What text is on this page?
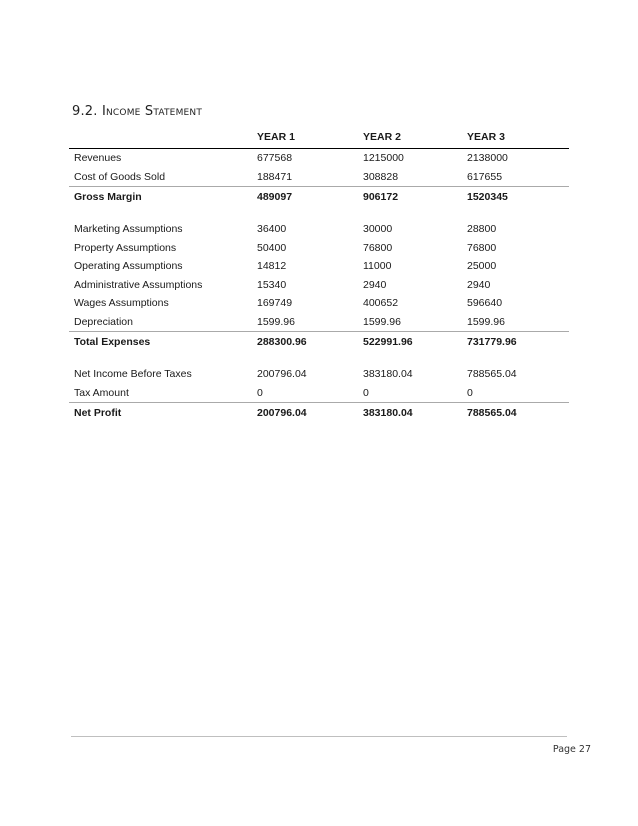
9.2. Income Statement
	YEAR 1	YEAR 2	YEAR 3
Revenues	677568	1215000	2138000
Cost of Goods Sold	188471	308828	617655
Gross Margin	489097	906172	1520345

Marketing Assumptions	36400	30000	28800
Property Assumptions	50400	76800	76800
Operating Assumptions	14812	11000	25000
Administrative Assumptions	15340	2940	2940
Wages Assumptions	169749	400652	596640
Depreciation	1599.96	1599.96	1599.96
Total Expenses	288300.96	522991.96	731779.96

Net Income Before Taxes	200796.04	383180.04	788565.04
Tax Amount	0	0	0
Net Profit	200796.04	383180.04	788565.04
Page 27
